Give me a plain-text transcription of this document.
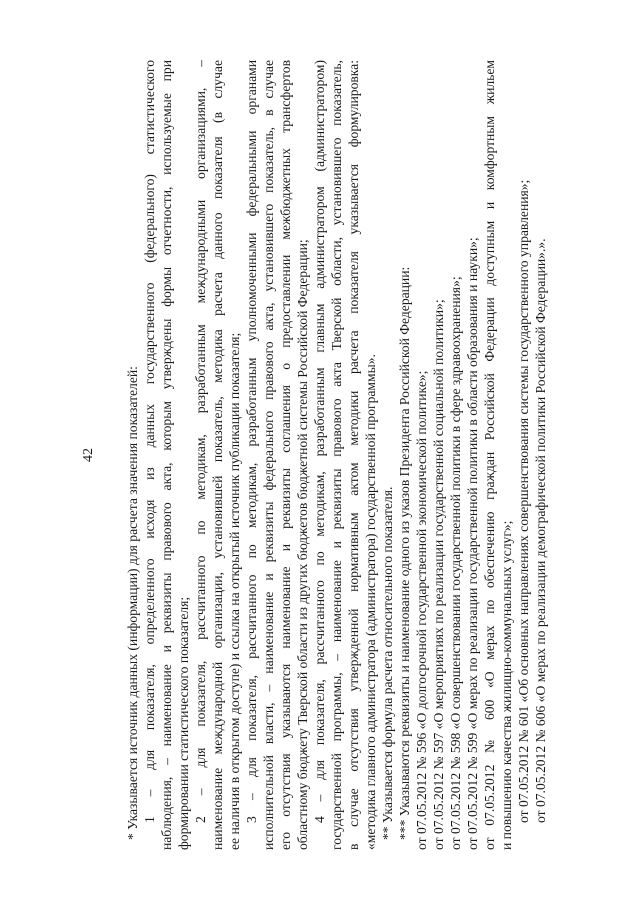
42 * Указывается источник данных (информации) для расчета значения показателей: 1 – для показателя, определенного исходя из данных государственного (федерального) статистического наблюдения, – наименование и реквизиты правового акта, которым утверждены формы отчетности, используемые при формировании статистического показателя; 2 – для показателя, рассчитанного по методикам, разработанным международными организациями, – наименование международной организации, установившей показатель, методика расчета данного показателя (в случае ее наличия в открытом доступе) и ссылка на открытый источник публикации показателя; 3 – для показателя, рассчитанного по методикам, разработанным уполномоченными федеральными органами исполнительной власти, – наименование и реквизиты федерального правового акта, установившего показатель, в случае его отсутствия указываются наименование и реквизиты соглашения о предоставлении межбюджетных трансфертов областному бюджету Тверской области из других бюджетов бюджетной системы Российской Федерации; 4 – для показателя, рассчитанного по методикам, разработанным главным администратором (администратором) государственной программы, – наименование и реквизиты правового акта Тверской области, установившего показатель, в случае отсутствия утвержденной нормативным актом методики расчета показателя указывается формулировка: «методика главного администратора (администратора) государственной программы». ** Указывается формула расчета относительного показателя. *** Указываются реквизиты и наименование одного из указов Президента Российской Федерации: от 07.05.2012 № 596 «О долгосрочной государственной экономической политике»; от 07.05.2012 № 597 «О мероприятиях по реализации государственной социальной политики»; от 07.05.2012 № 598 «О совершенствовании государственной политики в сфере здравоохранения»; от 07.05.2012 № 599 «О мерах по реализации государственной политики в области образования и науки»; от 07.05.2012 № 600 «О мерах по обеспечению граждан Российской Федерации доступным и комфортным жильем и повышению качества жилищно-коммунальных услуг»; от 07.05.2012 № 601 «Об основных направлениях совершенствования системы государственного управления»; от 07.05.2012 № 606 «О мерах по реализации демографической политики Российской Федерации».».
